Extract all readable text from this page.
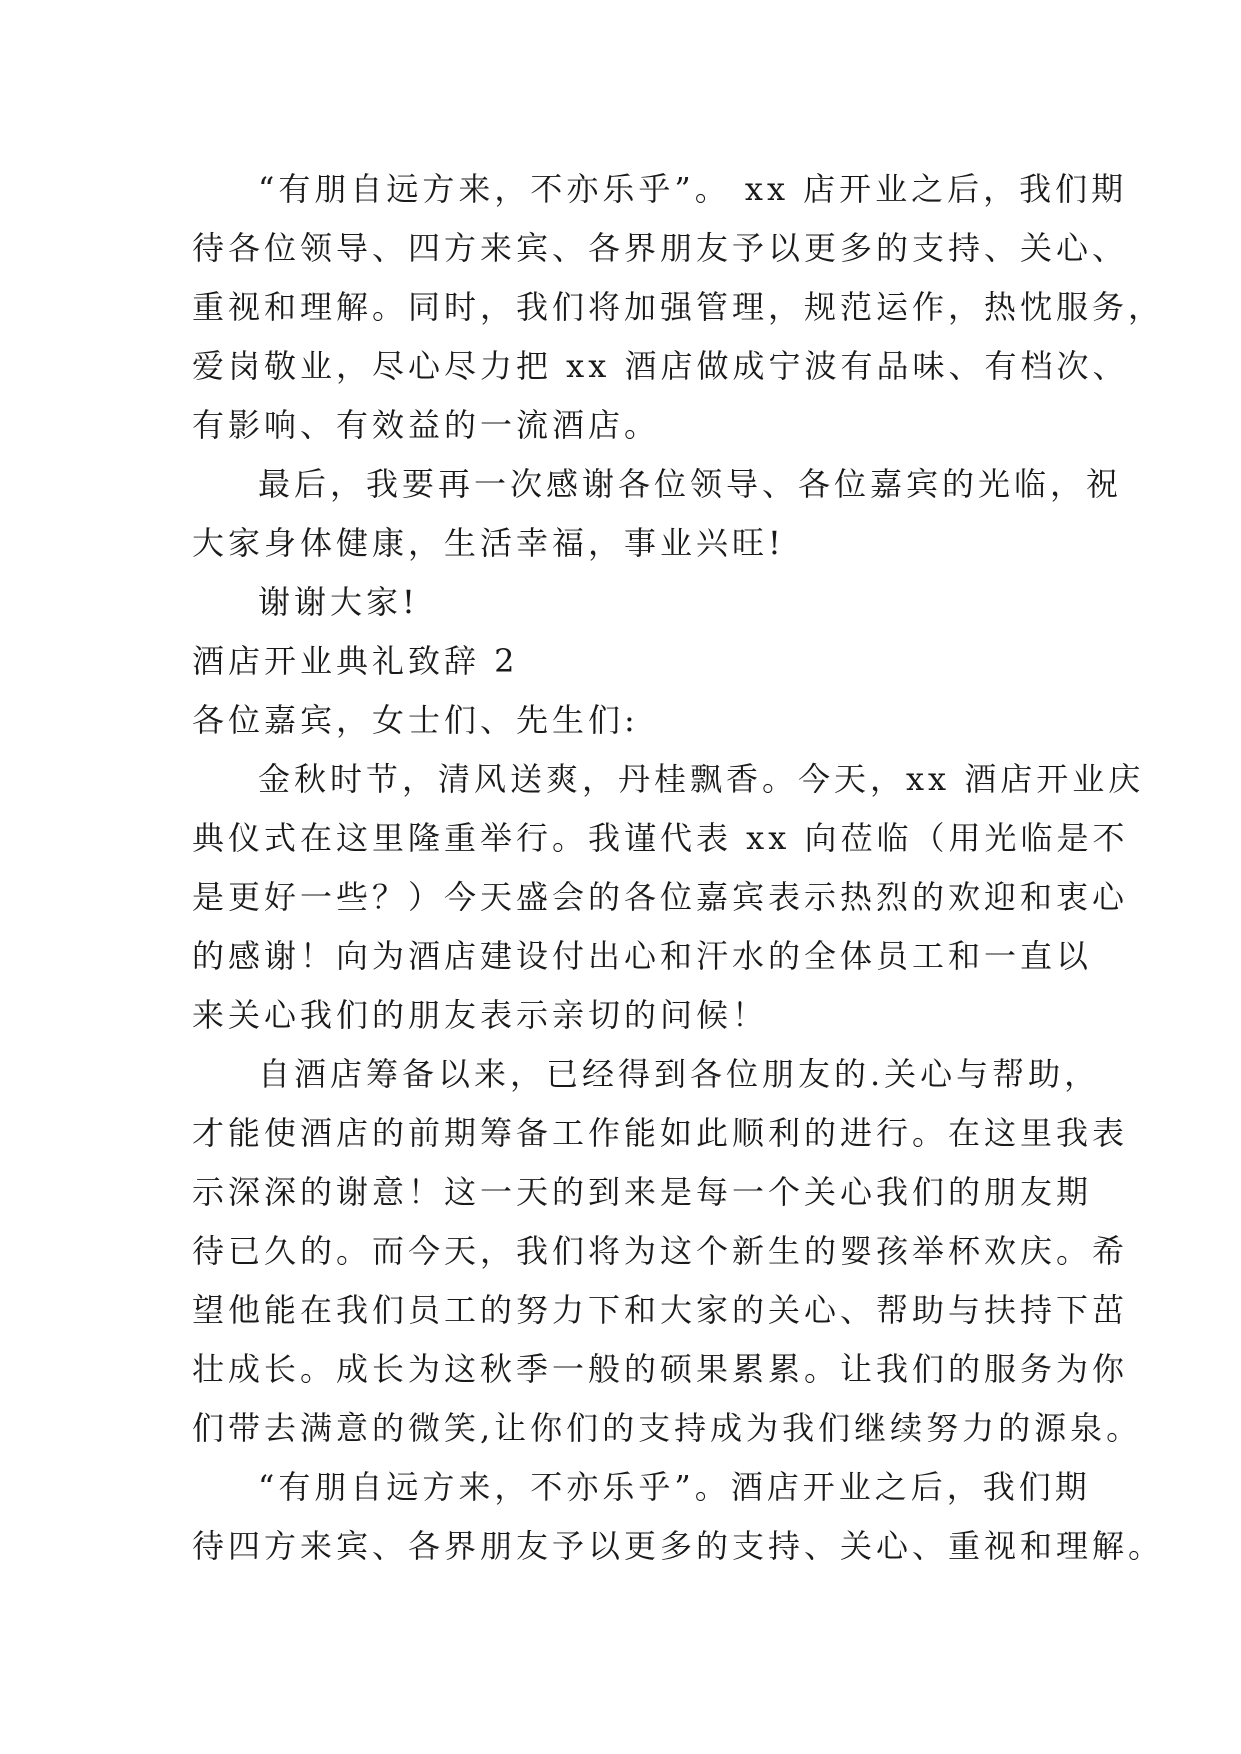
“有朋自远方来，不亦乐乎”。 xx 店开业之后，我们期
待各位领导、四方来宾、各界朋友予以更多的支持、关心、
重视和理解。同时，我们将加强管理，规范运作，热忱服务，
爱岗敬业，尽心尽力把 xx 酒店做成宁波有品味、有档次、
有影响、有效益的一流酒店。
最后，我要再一次感谢各位领导、各位嘉宾的光临，祝
大家身体健康，生活幸福，事业兴旺!
谢谢大家!
酒店开业典礼致辞 2
各位嘉宾，女士们、先生们:
金秋时节，清风送爽，丹桂飘香。今天，xx 酒店开业庆
典仪式在这里隆重举行。我谨代表 xx 向莅临（用光临是不
是更好一些？）今天盛会的各位嘉宾表示热烈的欢迎和衷心
的感谢！向为酒店建设付出心和汗水的全体员工和一直以
来关心我们的朋友表示亲切的问候！
自酒店筹备以来，已经得到各位朋友的.关心与帮助，
才能使酒店的前期筹备工作能如此顺利的进行。在这里我表
示深深的谢意！这一天的到来是每一个关心我们的朋友期
待已久的。而今天，我们将为这个新生的婴孩举杯欢庆。希
望他能在我们员工的努力下和大家的关心、帮助与扶持下茁
壮成长。成长为这秋季一般的硕果累累。让我们的服务为你
们带去满意的微笑,让你们的支持成为我们继续努力的源泉。
“有朋自远方来，不亦乐乎”。酒店开业之后，我们期
待四方来宾、各界朋友予以更多的支持、关心、重视和理解。
